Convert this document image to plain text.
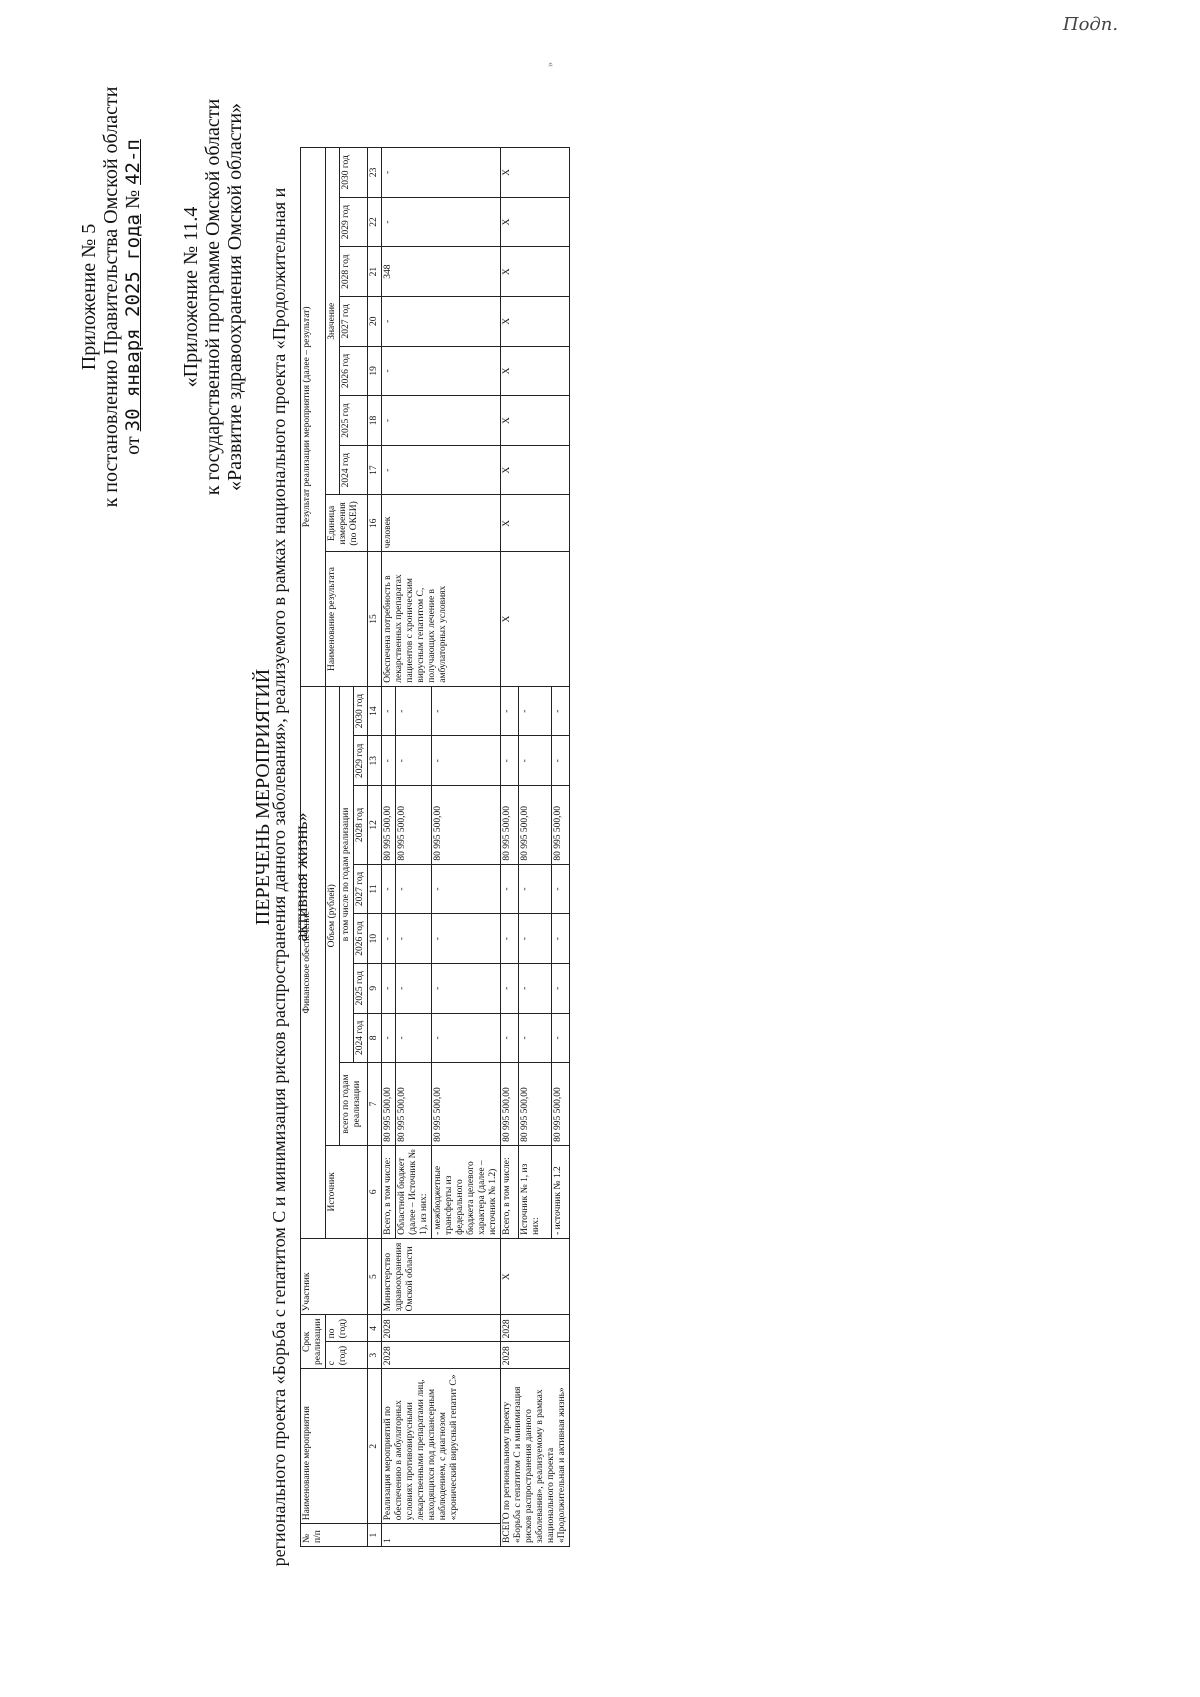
Приложение № 5 к постановлению Правительства Омской области от 30 января 2025 года № 42-п
«Приложение № 11.4 к государственной программе Омской области «Развитие здравоохранения Омской области»
ПЕРЕЧЕНЬ МЕРОПРИЯТИЙ
регионального проекта «Борьба с гепатитом С и минимизация рисков распространения данного заболевания», реализуемого в рамках национального проекта «Продолжительная и активная жизнь»
№ п/п	Наименование мероприятия	Срок реализации		Участник	Финансовое обеспечение									Результат реализации мероприятия (далее – результат)								
		с (год)	по (год)		Источник	Объем (рублей)								Наименование результата	Единица измерения (по ОКЕИ)	Значение						
						всего по годам реализации	в том числе по годам реализации									2024 год	2025 год	2026 год	2027 год	2028 год	2029 год	2030 год
							2024 год	2025 год	2026 год	2027 год	2028 год	2029 год	2030 год									
1	2	3	4	5	6	7	8	9	10	11	12	13	14	15	16	17	18	19	20	21	22	23
1	Реализация мероприятий по обеспечению в амбулаторных условиях противовирусными лекарственными препаратами лиц, находящихся под диспансерным наблюдением, с диагнозом «хронический вирусный гепатит С»	2028	2028	Министерство здравоохранения Омской области	Всего, в том числе:	80 995 500,00	-	-	-	-	80 995 500,00	-	-	Обеспечена потребность в лекарственных препаратах пациентов с хроническим вирусным гепатитом С, получающих лечение в амбулаторных условиях	человек	-	-	-	-	348	-	-
					Областной бюджет (далее – Источник № 1), из них:	80 995 500,00	-	-	-	-	80 995 500,00	-	-									
					- межбюджетные трансферты из федерального бюджета целевого характера (далее – источник № 1.2)	80 995 500,00	-	-	-	-	80 995 500,00	-	-									
ВСЕГО по региональному проекту «Борьба с гепатитом С и минимизация рисков распространения данного заболевания», реализуемому в рамках национального проекта «Продолжительная и активная жизнь»		2028	2028	X	Всего, в том числе:	80 995 500,00	-	-	-	-	80 995 500,00	-	-	X	X	X	X	X	X	X	X	X
					Источник № 1, из них:	80 995 500,00	-	-	-	-	80 995 500,00	-	-									
					- источник № 1.2	80 995 500,00	-	-	-	-	80 995 500,00	-	-									
»
Подп.
